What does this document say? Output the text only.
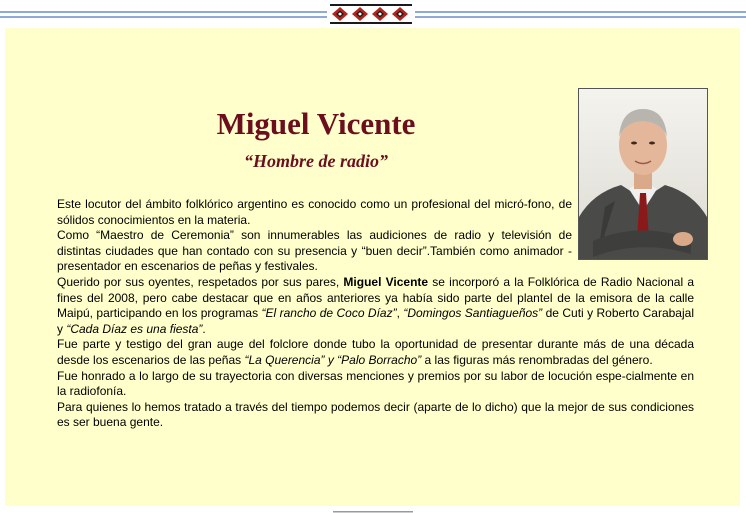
Miguel Vicente
“Hombre de radio”

Este locutor del ámbito folklórico argentino es conocido como un profesional del micró-fono, de sólidos conocimientos en la materia.

Como “Maestro de Ceremonia” son innumerables las audiciones de radio y televisión de distintas ciudades que han contado con su presencia y “buen decir”.También como animador - presentador en escenarios de peñas y festivales.

Querido por sus oyentes, respetados por sus pares, Miguel Vicente se incorporó a la Folklórica de Radio Nacional a fines del 2008, pero cabe destacar que en años anteriores ya había sido parte del plantel de la emisora de la calle Maipú, participando en los programas “El rancho de Coco Díaz”, “Domingos Santiagueños” de Cuti y Roberto Carabajal y “Cada Díaz es una fiesta”.

Fue parte y testigo del gran auge del folclore donde tubo la oportunidad de presentar durante más de una década desde los escenarios de las peñas “La Querencia” y “Palo Borracho” a las figuras más renombradas del género.

Fue honrado a lo largo de su trayectoria con diversas menciones y premios por su labor de locución espe-cialmente en la radiofonía.

Para quienes lo hemos tratado a través del tiempo podemos decir (aparte de lo dicho) que la mejor de sus condiciones es ser buena gente.
